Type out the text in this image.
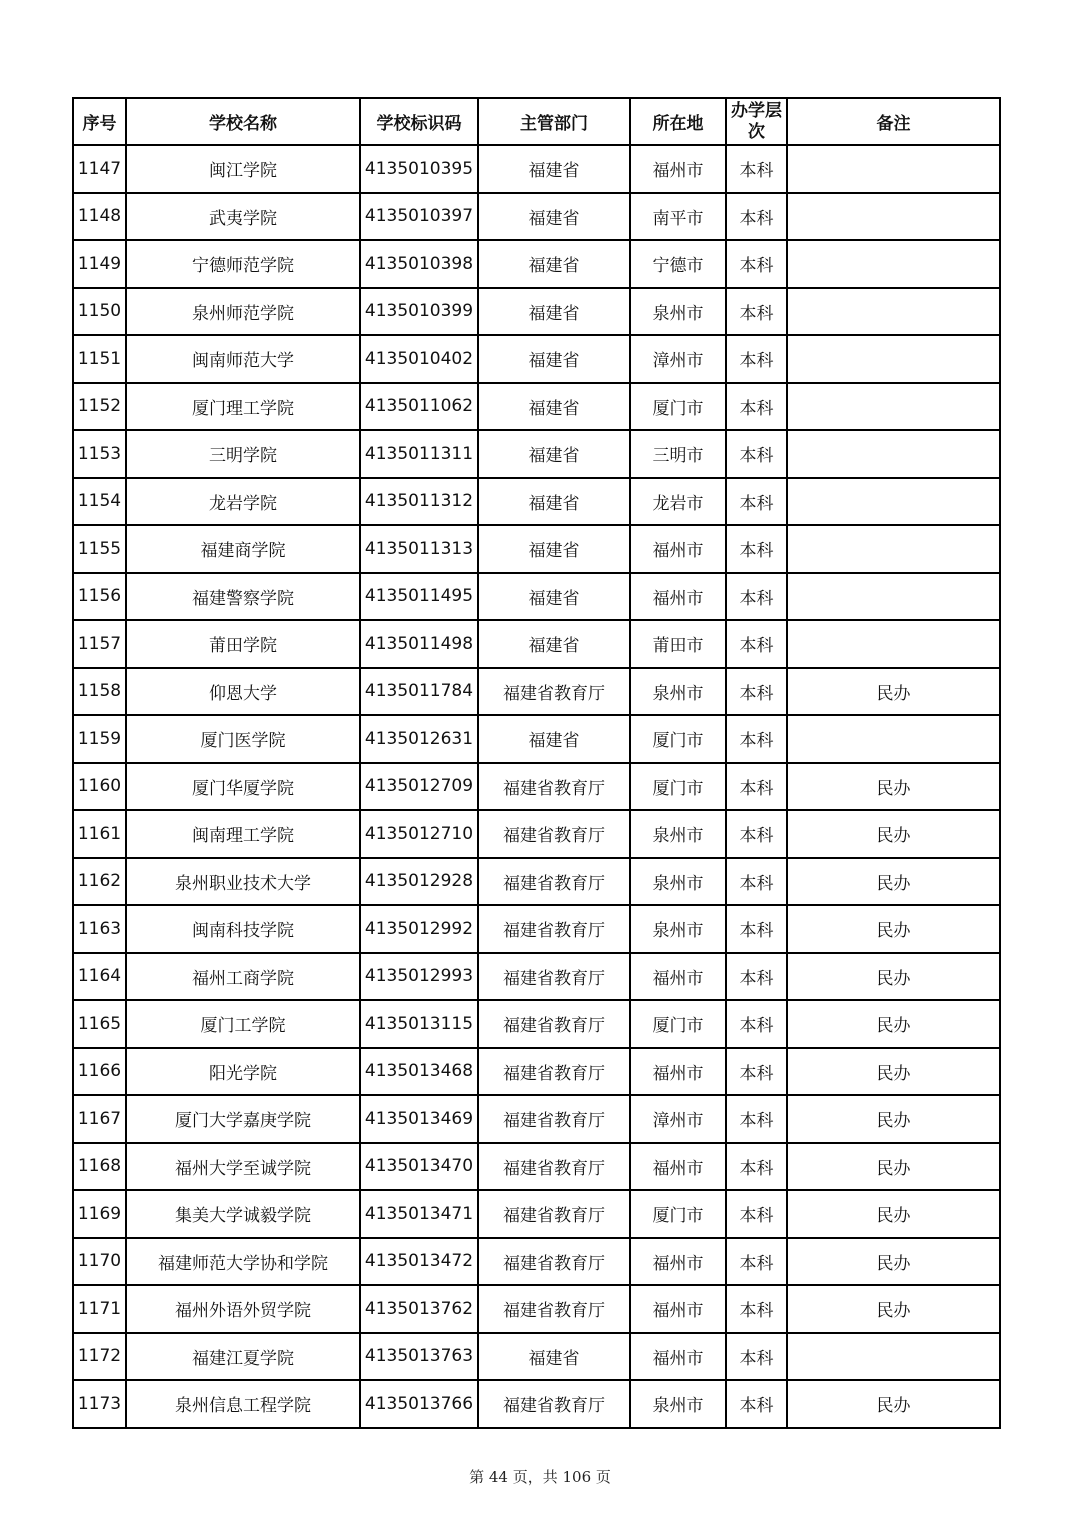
序号	学校名称	学校标识码	主管部门	所在地	办学层次	备注
1147	闽江学院	4135010395	福建省	福州市	本科	
1148	武夷学院	4135010397	福建省	南平市	本科	
1149	宁德师范学院	4135010398	福建省	宁德市	本科	
1150	泉州师范学院	4135010399	福建省	泉州市	本科	
1151	闽南师范大学	4135010402	福建省	漳州市	本科	
1152	厦门理工学院	4135011062	福建省	厦门市	本科	
1153	三明学院	4135011311	福建省	三明市	本科	
1154	龙岩学院	4135011312	福建省	龙岩市	本科	
1155	福建商学院	4135011313	福建省	福州市	本科	
1156	福建警察学院	4135011495	福建省	福州市	本科	
1157	莆田学院	4135011498	福建省	莆田市	本科	
1158	仰恩大学	4135011784	福建省教育厅	泉州市	本科	民办
1159	厦门医学院	4135012631	福建省	厦门市	本科	
1160	厦门华厦学院	4135012709	福建省教育厅	厦门市	本科	民办
1161	闽南理工学院	4135012710	福建省教育厅	泉州市	本科	民办
1162	泉州职业技术大学	4135012928	福建省教育厅	泉州市	本科	民办
1163	闽南科技学院	4135012992	福建省教育厅	泉州市	本科	民办
1164	福州工商学院	4135012993	福建省教育厅	福州市	本科	民办
1165	厦门工学院	4135013115	福建省教育厅	厦门市	本科	民办
1166	阳光学院	4135013468	福建省教育厅	福州市	本科	民办
1167	厦门大学嘉庚学院	4135013469	福建省教育厅	漳州市	本科	民办
1168	福州大学至诚学院	4135013470	福建省教育厅	福州市	本科	民办
1169	集美大学诚毅学院	4135013471	福建省教育厅	厦门市	本科	民办
1170	福建师范大学协和学院	4135013472	福建省教育厅	福州市	本科	民办
1171	福州外语外贸学院	4135013762	福建省教育厅	福州市	本科	民办
1172	福建江夏学院	4135013763	福建省	福州市	本科	
1173	泉州信息工程学院	4135013766	福建省教育厅	泉州市	本科	民办
第 44 页，共 106 页
